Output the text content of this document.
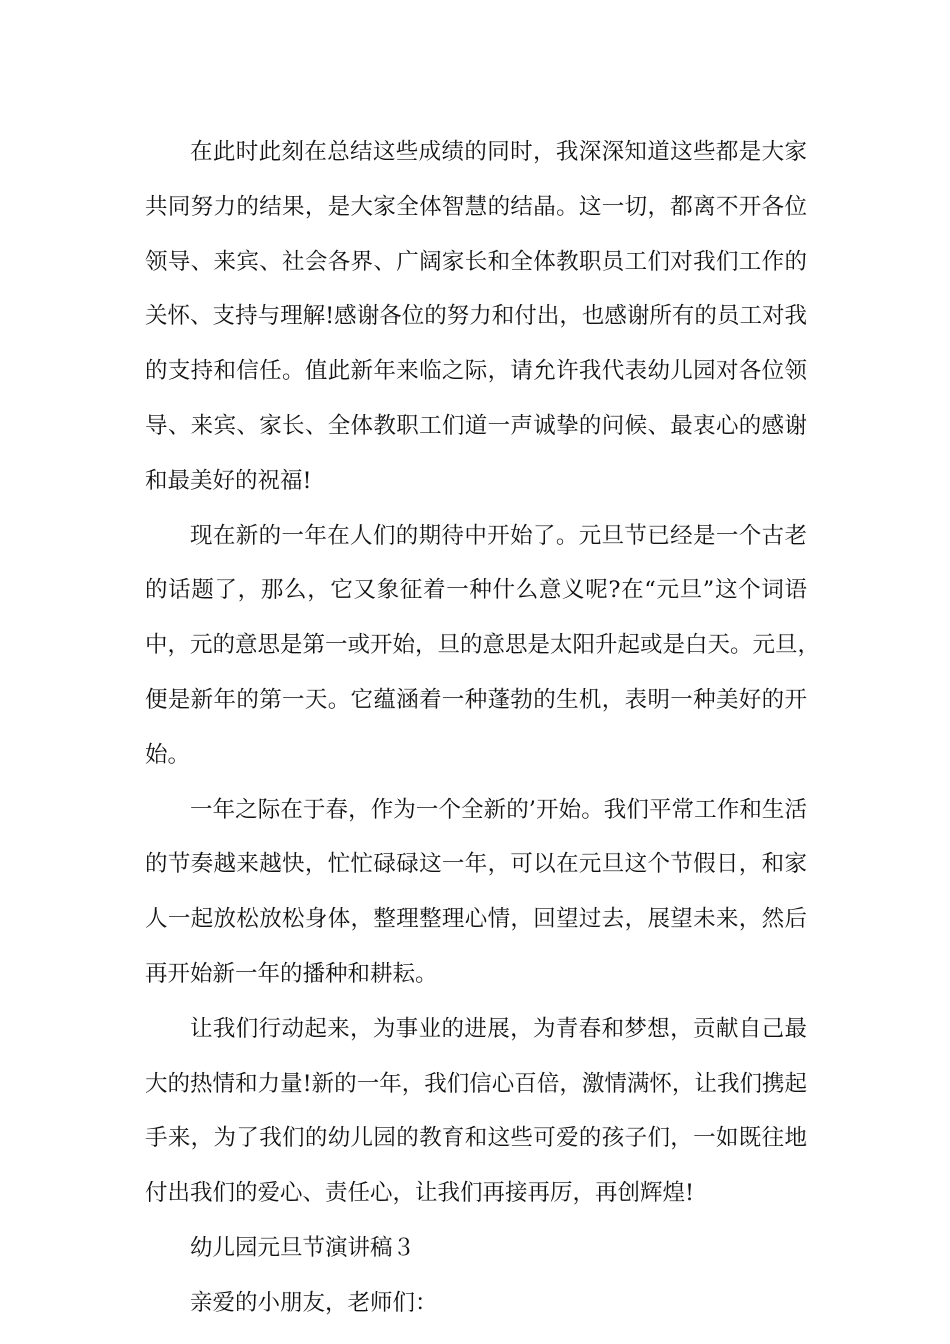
在此时此刻在总结这些成绩的同时，我深深知道这些都是大家
共同努力的结果，是大家全体智慧的结晶。这一切，都离不开各位
领导、来宾、社会各界、广阔家长和全体教职员工们对我们工作的
关怀、支持与理解!感谢各位的努力和付出，也感谢所有的员工对我
的支持和信任。值此新年来临之际，请允许我代表幼儿园对各位领
导、来宾、家长、全体教职工们道一声诚挚的问候、最衷心的感谢
和最美好的祝福!
现在新的一年在人们的期待中开始了。元旦节已经是一个古老
的话题了，那么，它又象征着一种什么意义呢?在“元旦”这个词语
中，元的意思是第一或开始，旦的意思是太阳升起或是白天。元旦，
便是新年的第一天。它蕴涵着一种蓬勃的生机，表明一种美好的开
始。
一年之际在于春，作为一个全新的’开始。我们平常工作和生活
的节奏越来越快，忙忙碌碌这一年，可以在元旦这个节假日，和家
人一起放松放松身体，整理整理心情，回望过去，展望未来，然后
再开始新一年的播种和耕耘。
让我们行动起来，为事业的进展，为青春和梦想，贡献自己最
大的热情和力量!新的一年，我们信心百倍，激情满怀，让我们携起
手来，为了我们的幼儿园的教育和这些可爱的孩子们，一如既往地
付出我们的爱心、责任心，让我们再接再厉，再创辉煌!
幼儿园元旦节演讲稿３
亲爱的小朋友，老师们：
